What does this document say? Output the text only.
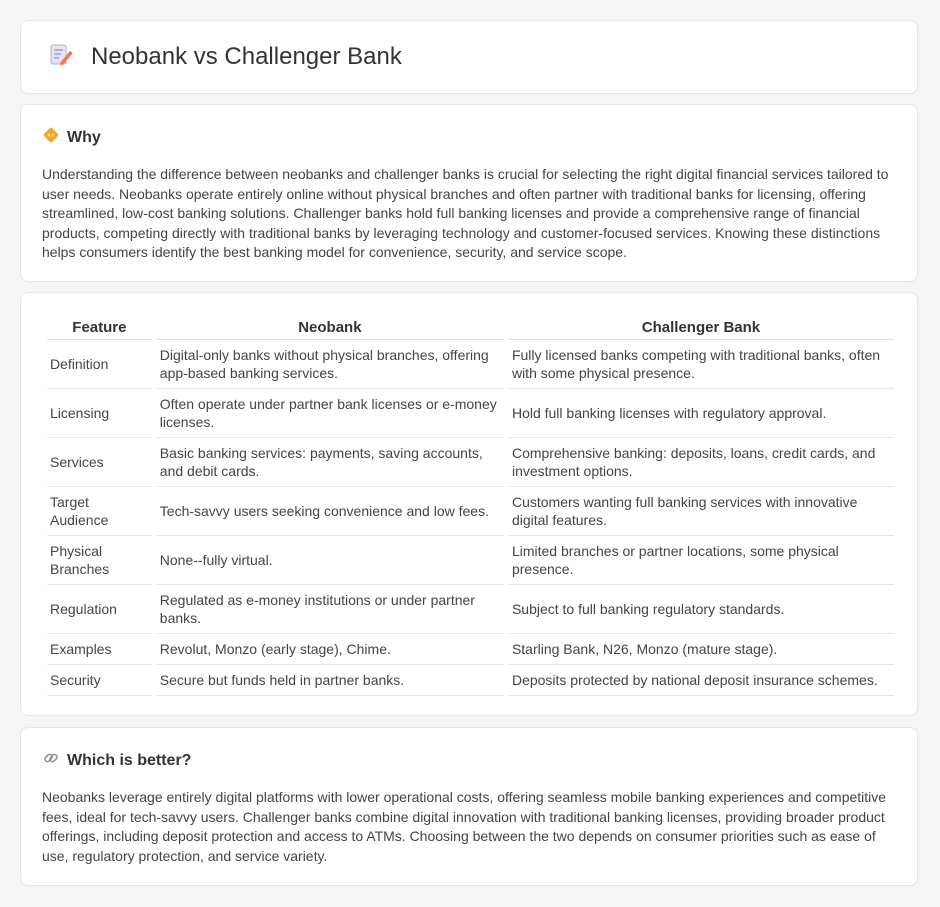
Neobank vs Challenger Bank
Why

Understanding the difference between neobanks and challenger banks is crucial for selecting the right digital financial services tailored to user needs. Neobanks operate entirely online without physical branches and often partner with traditional banks for licensing, offering streamlined, low-cost banking solutions. Challenger banks hold full banking licenses and provide a comprehensive range of financial products, competing directly with traditional banks by leveraging technology and customer-focused services. Knowing these distinctions helps consumers identify the best banking model for convenience, security, and service scope.

Feature	Neobank	Challenger Bank
Definition	Digital-only banks without physical branches, offering app-based banking services.	Fully licensed banks competing with traditional banks, often with some physical presence.
Licensing	Often operate under partner bank licenses or e-money licenses.	Hold full banking licenses with regulatory approval.
Services	Basic banking services: payments, saving accounts, and debit cards.	Comprehensive banking: deposits, loans, credit cards, and investment options.
Target Audience	Tech-savvy users seeking convenience and low fees.	Customers wanting full banking services with innovative digital features.
Physical Branches	None--fully virtual.	Limited branches or partner locations, some physical presence.
Regulation	Regulated as e-money institutions or under partner banks.	Subject to full banking regulatory standards.
Examples	Revolut, Monzo (early stage), Chime.	Starling Bank, N26, Monzo (mature stage).
Security	Secure but funds held in partner banks.	Deposits protected by national deposit insurance schemes.
Which is better?

Neobanks leverage entirely digital platforms with lower operational costs, offering seamless mobile banking experiences and competitive fees, ideal for tech-savvy users. Challenger banks combine digital innovation with traditional banking licenses, providing broader product offerings, including deposit protection and access to ATMs. Choosing between the two depends on consumer priorities such as ease of use, regulatory protection, and service variety.
